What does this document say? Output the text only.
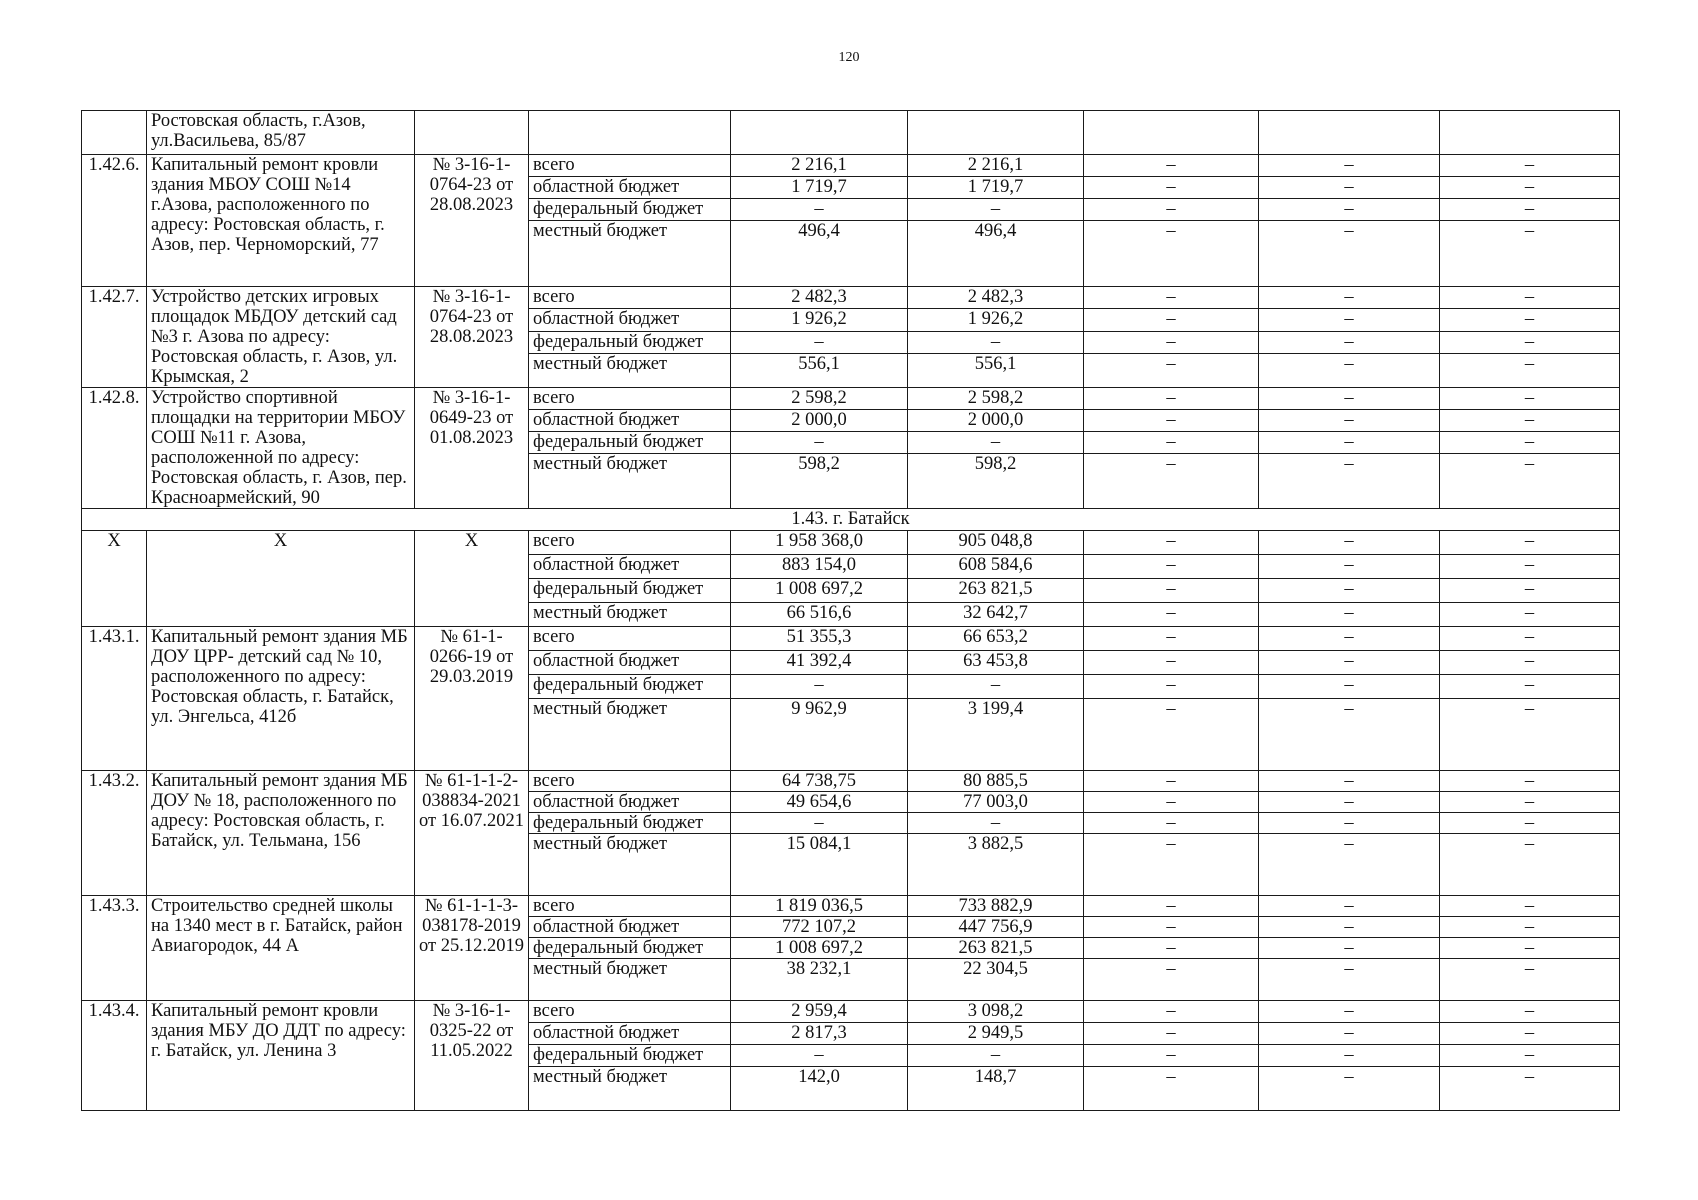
120
	Ростовская область, г.Азов, ул.Васильева, 85/87							
1.42.6.	Капитальный ремонт кровли здания МБОУ СОШ №14 г.Азова, расположенного по адресу: Ростовская область, г. Азов, пер. Черноморский, 77	№ 3-16-1-0764-23 от 28.08.2023	всего	2 216,1	2 216,1	–	–	–
			областной бюджет	1 719,7	1 719,7	–	–	–
			федеральный бюджет	–	–	–	–	–
			местный бюджет	496,4	496,4	–	–	–
1.42.7.	Устройство детских игровых площадок МБДОУ детский сад №3 г. Азова по адресу: Ростовская область, г. Азов, ул. Крымская, 2	№ 3-16-1-0764-23 от 28.08.2023	всего	2 482,3	2 482,3	–	–	–
			областной бюджет	1 926,2	1 926,2	–	–	–
			федеральный бюджет	–	–	–	–	–
			местный бюджет	556,1	556,1	–	–	–
1.42.8.	Устройство спортивной площадки на территории МБОУ СОШ №11 г. Азова, расположенной по адресу: Ростовская область, г. Азов, пер. Красноармейский, 90	№ 3-16-1-0649-23 от 01.08.2023	всего	2 598,2	2 598,2	–	–	–
			областной бюджет	2 000,0	2 000,0	–	–	–
			федеральный бюджет	–	–	–	–	–
			местный бюджет	598,2	598,2	–	–	–
1.43. г. Батайск								
X	X	X	всего	1 958 368,0	905 048,8	–	–	–
			областной бюджет	883 154,0	608 584,6	–	–	–
			федеральный бюджет	1 008 697,2	263 821,5	–	–	–
			местный бюджет	66 516,6	32 642,7	–	–	–
1.43.1.	Капитальный ремонт здания МБ ДОУ ЦРР- детский сад № 10, расположенного по адресу: Ростовская область, г. Батайск, ул. Энгельса, 412б	№ 61-1-0266-19 от 29.03.2019	всего	51 355,3	66 653,2	–	–	–
			областной бюджет	41 392,4	63 453,8	–	–	–
			федеральный бюджет	–	–	–	–	–
			местный бюджет	9 962,9	3 199,4	–	–	–
1.43.2.	Капитальный ремонт здания МБ ДОУ № 18, расположенного по адресу: Ростовская область, г. Батайск, ул. Тельмана, 156	№ 61-1-1-2-038834-2021 от 16.07.2021	всего	64 738,75	80 885,5	–	–	–
			областной бюджет	49 654,6	77 003,0	–	–	–
			федеральный бюджет	–	–	–	–	–
			местный бюджет	15 084,1	3 882,5	–	–	–
1.43.3.	Строительство средней школы на 1340 мест в г. Батайск, район Авиагородок, 44 А	№ 61-1-1-3-038178-2019 от 25.12.2019	всего	1 819 036,5	733 882,9	–	–	–
			областной бюджет	772 107,2	447 756,9	–	–	–
			федеральный бюджет	1 008 697,2	263 821,5	–	–	–
			местный бюджет	38 232,1	22 304,5	–	–	–
1.43.4.	Капитальный ремонт кровли здания МБУ ДО ДДТ по адресу: г. Батайск, ул. Ленина 3	№ 3-16-1-0325-22 от 11.05.2022	всего	2 959,4	3 098,2	–	–	–
			областной бюджет	2 817,3	2 949,5	–	–	–
			федеральный бюджет	–	–	–	–	–
			местный бюджет	142,0	148,7	–	–	–
